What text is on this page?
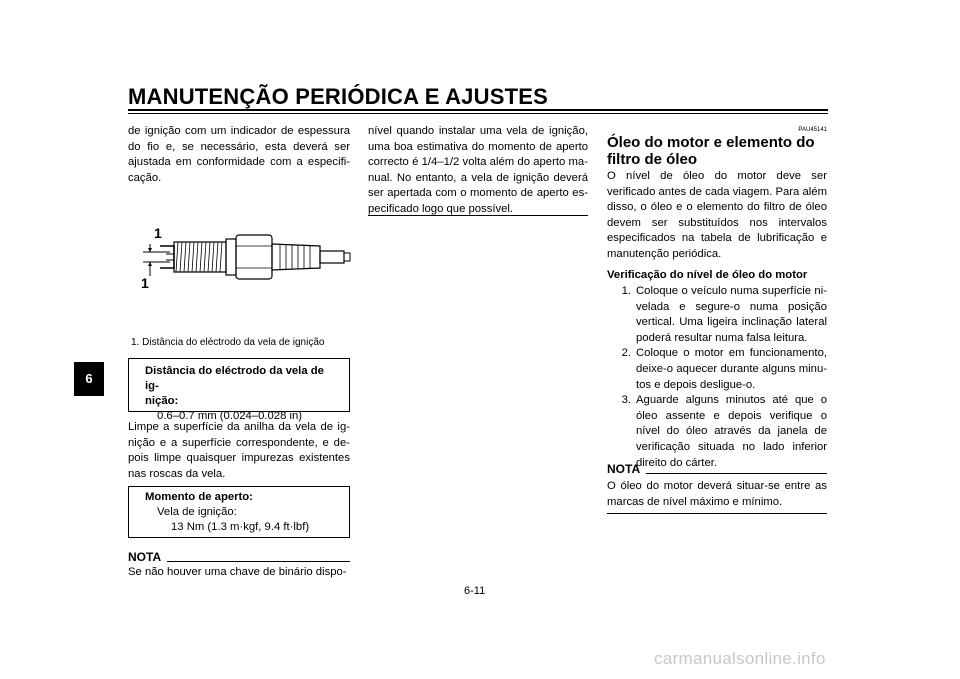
MANUTENÇÃO PERIÓDICA E AJUSTES
6

de ignição com um indicador de espessura do fio e, se necessário, esta deverá ser ajustada em conformidade com a especificação.

1
1
1. Distância do eléctrodo da vela de ignição
Distância do eléctrodo da vela de ig-
nição:
0.6–0.7 mm (0.024–0.028 in)

Limpe a superfície da anilha da vela de ignição e a superfície correspondente, e depois limpe quaisquer impurezas existentes nas roscas da vela.

Momento de aperto:
Vela de ignição:
13 Nm (1.3 m·kgf, 9.4 ft·lbf)
NOTA

Se não houver uma chave de binário dispo-

nível quando instalar uma vela de ignição, uma boa estimativa do momento de aperto correcto é 1/4–1/2 volta além do aperto manual. No entanto, a vela de ignição deverá ser apertada com o momento de aperto especificado logo que possível.

PAU45141
Óleo do motor e elemento do
filtro de óleo

O nível de óleo do motor deve ser verificado antes de cada viagem. Para além disso, o óleo e o elemento do filtro de óleo devem ser substituídos nos intervalos especificados na tabela de lubrificação e manutenção periódica.

Verificação do nível de óleo do motor
1. Coloque o veículo numa superfície nivelada e segure-o numa posição vertical. Uma ligeira inclinação lateral poderá resultar numa falsa leitura.
2. Coloque o motor em funcionamento, deixe-o aquecer durante alguns minutos e depois desligue-o.
3. Aguarde alguns minutos até que o óleo assente e depois verifique o nível do óleo através da janela de verificação situada no lado inferior direito do cárter.
NOTA

O óleo do motor deverá situar-se entre as marcas de nível máximo e mínimo.

6-11
carmanualsonline.info
